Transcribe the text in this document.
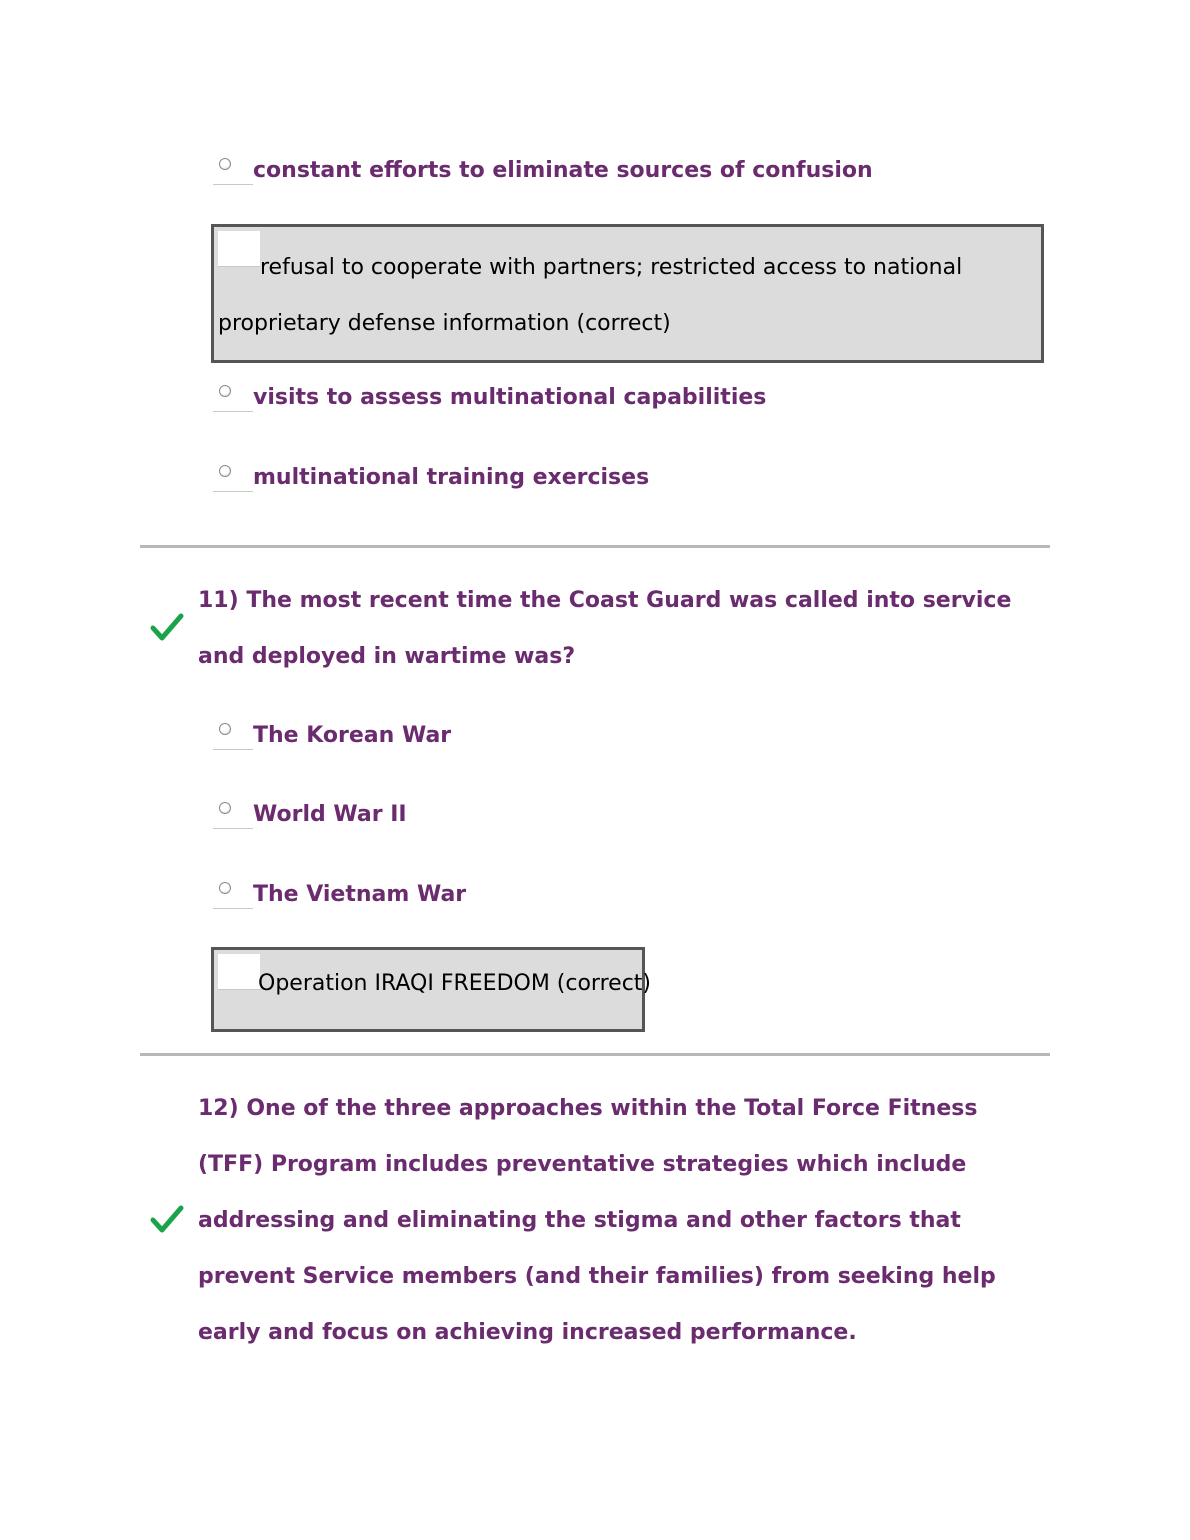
constant efforts to eliminate sources of confusion
refusal to cooperate with partners; restricted access to national proprietary defense information (correct)
visits to assess multinational capabilities
multinational training exercises
11) The most recent time the Coast Guard was called into service and deployed in wartime was?
The Korean War
World War II
The Vietnam War
Operation IRAQI FREEDOM (correct)
12) One of the three approaches within the Total Force Fitness (TFF) Program includes preventative strategies which include addressing and eliminating the stigma and other factors that prevent Service members (and their families) from seeking help early and focus on achieving increased performance.
